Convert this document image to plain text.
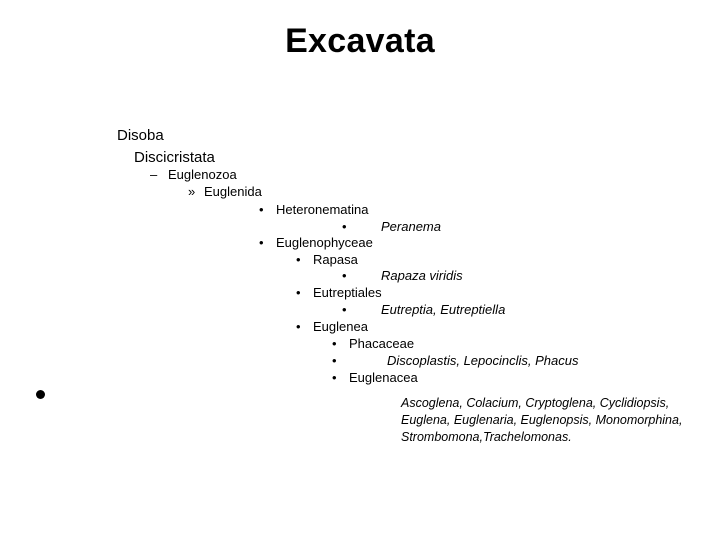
Excavata
Disoba
Discicristata
– Euglenozoa
» Euglenida
• Heteronematina
•	Peranema
• Euglenophyceae
• Rapasa
•	Rapaza viridis
• Eutreptiales
•	Eutreptia, Eutreptiella
• Euglenea
• Phacaceae
•	Discoplastis, Lepocinclis, Phacus
• Euglenacea
Ascoglena, Colacium, Cryptoglena, Cyclidiopsis, Euglena, Euglenaria, Euglenopsis, Monomorphina, Strombomona,Trachelomonas.
